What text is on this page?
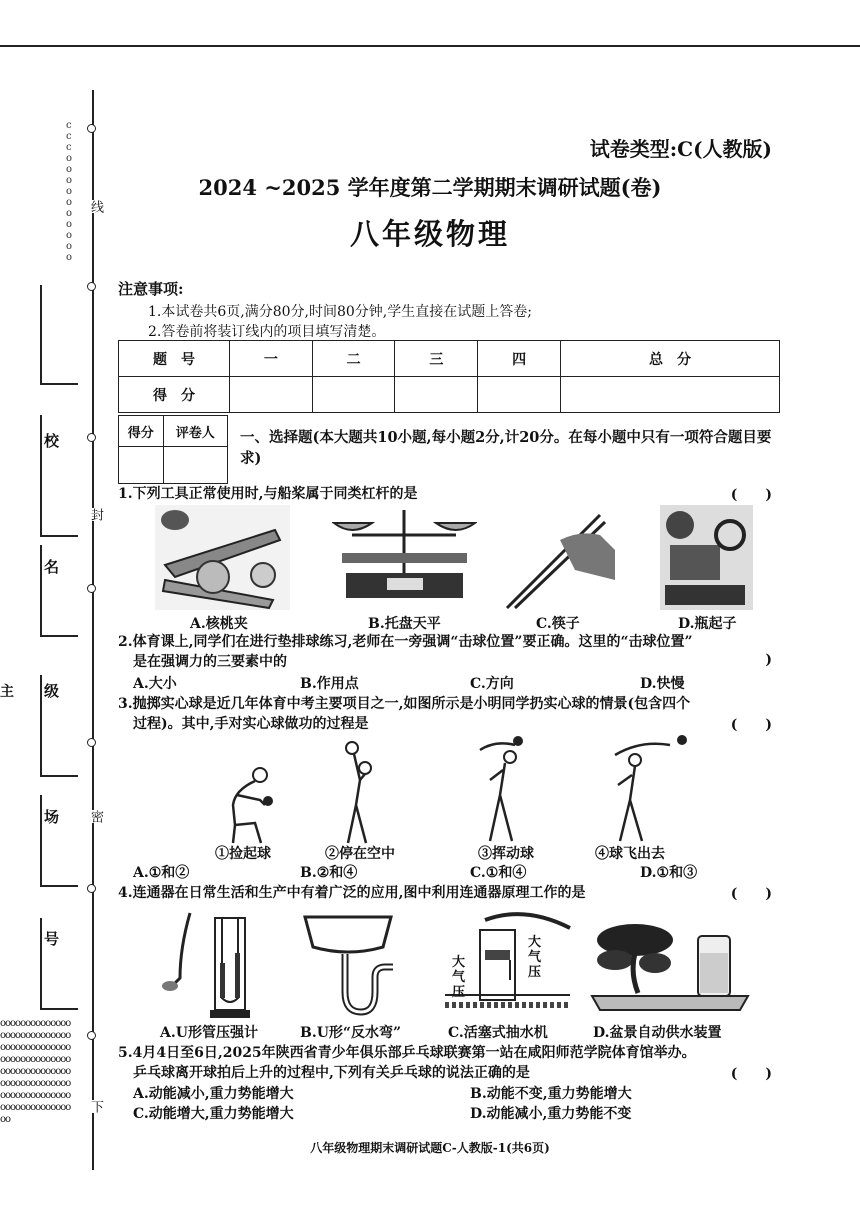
线
封
密
下
c
c
c
o
o
o
o
o
o
o
o
o
o
校
名
级
主
场
号
oooooooooooooooooooooooooooooooooooooooooooooooooooooooooooooooooooooooooooooooooooooooooooooooooooooooooooooooooo
试卷类型:C(人教版)
2024 ~2025 学年度第二学期期末调研试题(卷)
八年级物理
注意事项:
1.本试卷共6页,满分80分,时间80分钟,学生直接在试题上答卷;
2.答卷前将装订线内的项目填写清楚。
题　号	一	二	三	四	总　分
得　分					
得分	评卷人
	一、选择题(本大题共10小题,每小题2分,计20分。在每小题中只有一项符合题目要求)
1.下列工具正常使用时,与船桨属于同类杠杆的是	(　　)
A.核桃夹	B.托盘天平	C.筷子	D.瓶起子
2.体育课上,同学们在进行垫排球练习,老师在一旁强调“击球位置”要正确。这里的“击球位置”
是在强调力的三要素中的	)
A.大小	B.作用点	C.方向	D.快慢
3.抛掷实心球是近几年体育中考主要项目之一,如图所示是小明同学扔实心球的情景(包含四个
过程)。其中,手对实心球做功的过程是	(　　)
①捡起球	②停在空中	③挥动球	④球飞出去
A.①和②	B.②和④	C.①和④	D.①和③
4.连通器在日常生活和生产中有着广泛的应用,图中利用连通器原理工作的是	(　　)
大气压
大气压
A.U形管压强计	B.U形“反水弯”	C.活塞式抽水机	D.盆景自动供水装置
5.4月4日至6日,2025年陕西省青少年俱乐部乒乓球联赛第一站在咸阳师范学院体育馆举办。
乒乓球离开球拍后上升的过程中,下列有关乒乓球的说法正确的是	(　　)
A.动能减小,重力势能增大	B.动能不变,重力势能增大
C.动能增大,重力势能增大	D.动能减小,重力势能不变
八年级物理期末调研试题C-人教版-1(共6页)
